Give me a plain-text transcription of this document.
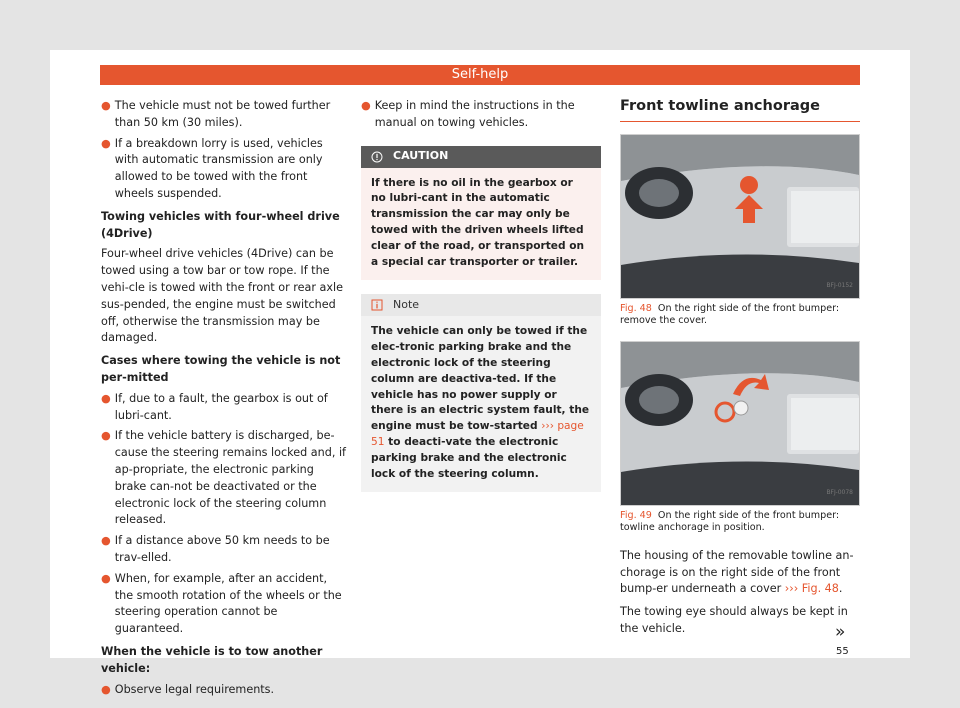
Self-help
● The vehicle must not be towed further than 50 km (30 miles).
● If a breakdown lorry is used, vehicles with automatic transmission are only allowed to be towed with the front wheels suspended.
Towing vehicles with four-wheel drive (4Drive)

Four-wheel drive vehicles (4Drive) can be towed using a tow bar or tow rope. If the vehi-cle is towed with the front or rear axle sus-pended, the engine must be switched off, otherwise the transmission may be damaged.

Cases where towing the vehicle is not per-mitted
● If, due to a fault, the gearbox is out of lubri-cant.
● If the vehicle battery is discharged, be-cause the steering remains locked and, if ap-propriate, the electronic parking brake can-not be deactivated or the electronic lock of the steering column released.
● If a distance above 50 km needs to be trav-elled.
● When, for example, after an accident, the smooth rotation of the wheels or the steering operation cannot be guaranteed.
When the vehicle is to tow another vehicle:
● Observe legal requirements.
● Keep in mind the instructions in the manual on towing vehicles.
CAUTION
If there is no oil in the gearbox or no lubri-cant in the automatic transmission the car may only be towed with the driven wheels lifted clear of the road, or transported on a special car transporter or trailer.
Note
The vehicle can only be towed if the elec-tronic parking brake and the electronic lock of the steering column are deactiva-ted. If the vehicle has no power supply or there is an electric system fault, the engine must be tow-started ››› page 51 to deacti-vate the electronic parking brake and the electronic lock of the steering column.
Front towline anchorage
BFJ-0152
Fig. 48 On the right side of the front bumper: remove the cover.
BFJ-0078
Fig. 49 On the right side of the front bumper: towline anchorage in position.

The housing of the removable towline an-chorage is on the right side of the front bump-er underneath a cover ››› Fig. 48.

The towing eye should always be kept in the vehicle.	»
55
